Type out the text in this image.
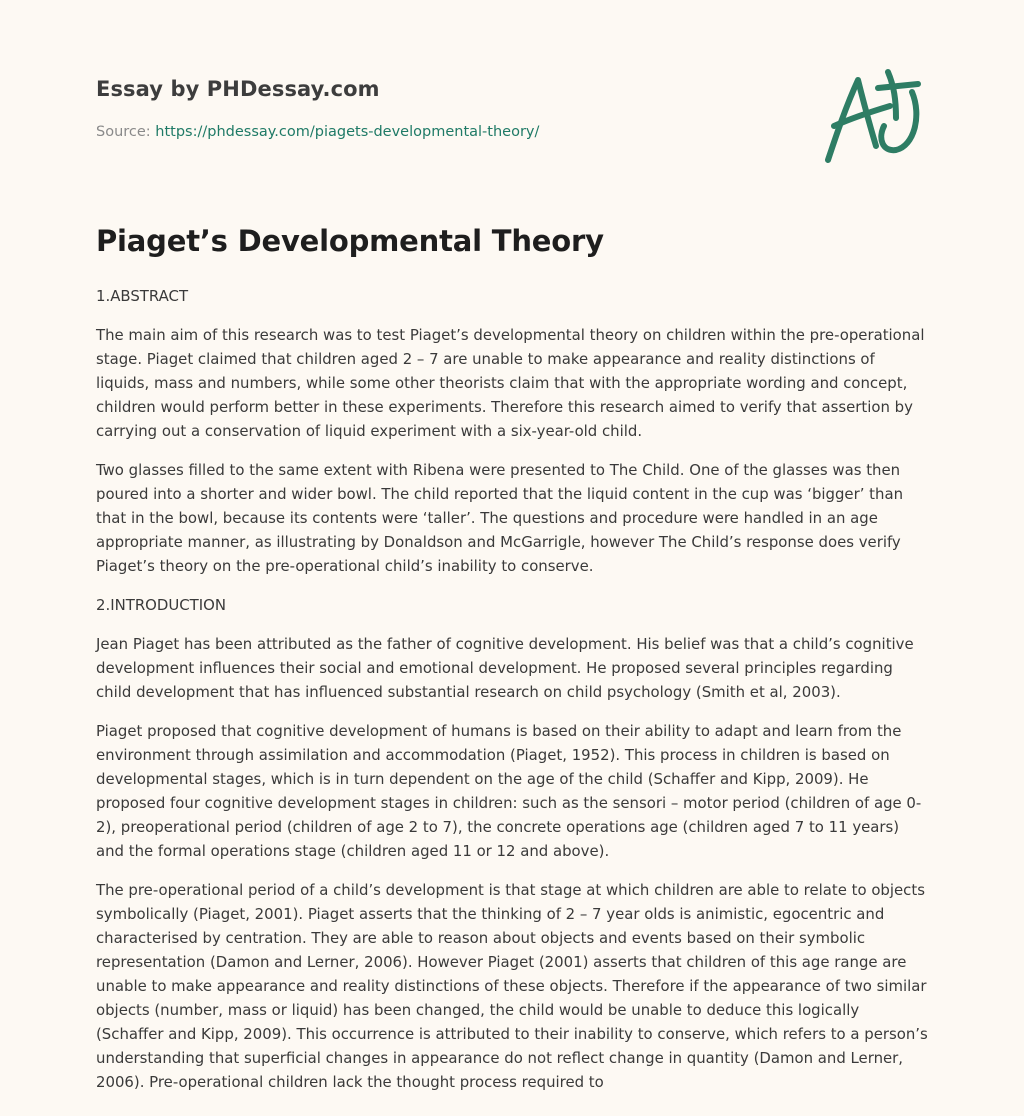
Essay by PHDessay.com

Source: https://phdessay.com/piagets-developmental-theory/

Piaget’s Developmental Theory

1.ABSTRACT

The main aim of this research was to test Piaget’s developmental theory on children within the pre-operational stage. Piaget claimed that children aged 2 – 7 are unable to make appearance and reality distinctions of liquids, mass and numbers, while some other theorists claim that with the appropriate wording and concept, children would perform better in these experiments. Therefore this research aimed to verify that assertion by carrying out a conservation of liquid experiment with a six-year-old child.

Two glasses filled to the same extent with Ribena were presented to The Child. One of the glasses was then poured into a shorter and wider bowl. The child reported that the liquid content in the cup was ‘bigger’ than that in the bowl, because its contents were ‘taller’. The questions and procedure were handled in an age appropriate manner, as illustrating by Donaldson and McGarrigle, however The Child’s response does verify Piaget’s theory on the pre-operational child’s inability to conserve.

2.INTRODUCTION

Jean Piaget has been attributed as the father of cognitive development. His belief was that a child’s cognitive development influences their social and emotional development. He proposed several principles regarding child development that has influenced substantial research on child psychology (Smith et al, 2003).

Piaget proposed that cognitive development of humans is based on their ability to adapt and learn from the environment through assimilation and accommodation (Piaget, 1952). This process in children is based on developmental stages, which is in turn dependent on the age of the child (Schaffer and Kipp, 2009). He proposed four cognitive development stages in children: such as the sensori – motor period (children of age 0-2), preoperational period (children of age 2 to 7), the concrete operations age (children aged 7 to 11 years) and the formal operations stage (children aged 11 or 12 and above).

The pre-operational period of a child’s development is that stage at which children are able to relate to objects symbolically (Piaget, 2001). Piaget asserts that the thinking of 2 – 7 year olds is animistic, egocentric and characterised by centration. They are able to reason about objects and events based on their symbolic representation (Damon and Lerner, 2006). However Piaget (2001) asserts that children of this age range are unable to make appearance and reality distinctions of these objects. Therefore if the appearance of two similar objects (number, mass or liquid) has been changed, the child would be unable to deduce this logically (Schaffer and Kipp, 2009). This occurrence is attributed to their inability to conserve, which refers to a person’s understanding that superficial changes in appearance do not reflect change in quantity (Damon and Lerner, 2006). Pre-operational children lack the thought process required to
